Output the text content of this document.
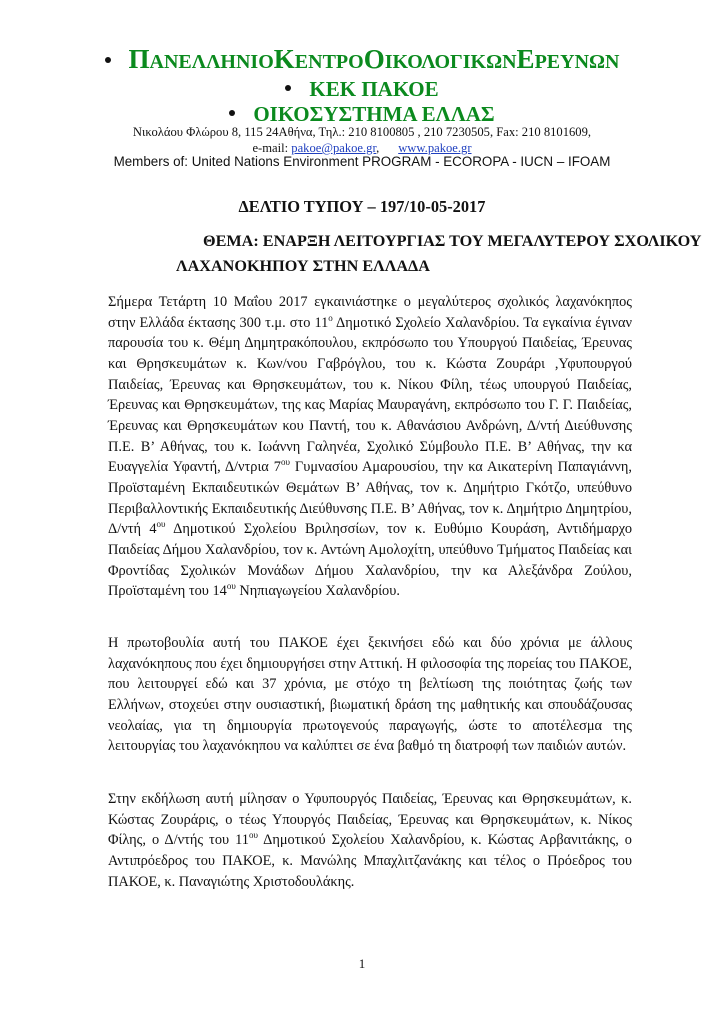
ΠΑΝΕΛΛΗΝΙΟΚΕΝΤΡΟΟΙΚΟΛΟΓΙΚΩΝΕΡΕΥΝΩΝ
ΚΕΚ ΠΑΚΟΕ
ΟΙΚΟΣΥΣΤΗΜΑ ΕΛΛΑΣ
Νικολάου Φλώρου 8, 115 24Αθήνα, Τηλ.: 210 8100805 , 210 7230505, Fax: 210 8101609,
e-mail: pakoe@pakoe.gr,      www.pakoe.gr
Members of: United Nations Environment PROGRAM - ECOROPA - IUCN – IFOAM
ΔΕΛΤΙΟ ΤΥΠΟΥ – 197/10-05-2017
ΘΕΜΑ: ΕΝΑΡΞΗ ΛΕΙΤΟΥΡΓΙΑΣ ΤΟΥ ΜΕΓΑΛΥΤΕΡΟΥ ΣΧΟΛΙΚΟΥ
ΛΑΧΑΝΟΚΗΠΟΥ ΣΤΗΝ ΕΛΛΑΔΑ

Σήμερα Τετάρτη 10 Μαΐου 2017 εγκαινιάστηκε ο μεγαλύτερος σχολικός λαχανόκηπος στην Ελλάδα έκτασης 300 τ.μ. στο $11^o$ Δημοτικό Σχολείο Χαλανδρίου. Τα εγκαίνια έγιναν παρουσία του κ. Θέμη Δημητρακόπουλου, εκπρόσωπο του Υπουργού Παιδείας, Έρευνας και Θρησκευμάτων κ. Κων/νου Γαβρόγλου, του κ. Κώστα Ζουράρι ,Υφυπουργού Παιδείας, Έρευνας και Θρησκευμάτων, του κ. Νίκου Φίλη, τέως υπουργού Παιδείας, Έρευνας και Θρησκευμάτων, της κας Μαρίας Μαυραγάνη, εκπρόσωπο του Γ. Γ. Παιδείας, Έρευνας και Θρησκευμάτων κου Παντή, του κ. Αθανάσιου Ανδρώνη, Δ/ντή Διεύθυνσης Π.Ε. Β’ Αθήνας, του κ. Ιωάννη Γαληνέα, Σχολικό Σύμβουλο Π.Ε. Β’ Αθήνας, την κα Ευαγγελία Υφαντή, Δ/ντρια $7^{o\upsilon}$ Γυμνασίου Αμαρουσίου, την κα Αικατερίνη Παπαγιάννη, Προϊσταμένη Εκπαιδευτικών Θεμάτων Β’ Αθήνας, τον κ. Δημήτριο Γκότζο, υπεύθυνο Περιβαλλοντικής Εκπαιδευτικής Διεύθυνσης Π.Ε. Β’ Αθήνας, τον κ. Δημήτριο Δημητρίου, Δ/ντή $4^{o\upsilon}$ Δημοτικού Σχολείου Βριλησσίων, τον κ. Ευθύμιο Κουράση, Αντιδήμαρχο Παιδείας Δήμου Χαλανδρίου, τον κ. Αντώνη Αμολοχίτη, υπεύθυνο Τμήματος Παιδείας και Φροντίδας Σχολικών Μονάδων Δήμου Χαλανδρίου, την κα Αλεξάνδρα Ζούλου, Προϊσταμένη του $14^{o\upsilon}$ Νηπιαγωγείου Χαλανδρίου.

Η πρωτοβουλία αυτή του ΠΑΚΟΕ έχει ξεκινήσει εδώ και δύο χρόνια με άλλους λαχανόκηπους που έχει δημιουργήσει στην Αττική. Η φιλοσοφία της πορείας του ΠΑΚΟΕ, που λειτουργεί εδώ και 37 χρόνια, με στόχο τη βελτίωση της ποιότητας ζωής των Ελλήνων, στοχεύει στην ουσιαστική, βιωματική δράση της μαθητικής και σπουδάζουσας νεολαίας, για τη δημιουργία πρωτογενούς παραγωγής, ώστε το αποτέλεσμα της λειτουργίας του λαχανόκηπου να καλύπτει σε ένα βαθμό τη διατροφή των παιδιών αυτών.

Στην εκδήλωση αυτή μίλησαν ο Υφυπουργός Παιδείας, Έρευνας και Θρησκευμάτων, κ. Κώστας Ζουράρις, ο τέως Υπουργός Παιδείας, Έρευνας και Θρησκευμάτων, κ. Νίκος Φίλης, ο Δ/ντής του $11^{o\upsilon}$ Δημοτικού Σχολείου Χαλανδρίου, κ. Κώστας Αρβανιτάκης, ο Αντιπρόεδρος του ΠΑΚΟΕ, κ. Μανώλης Μπαχλιτζανάκης και τέλος ο Πρόεδρος του ΠΑΚΟΕ, κ. Παναγιώτης Χριστοδουλάκης.

1
